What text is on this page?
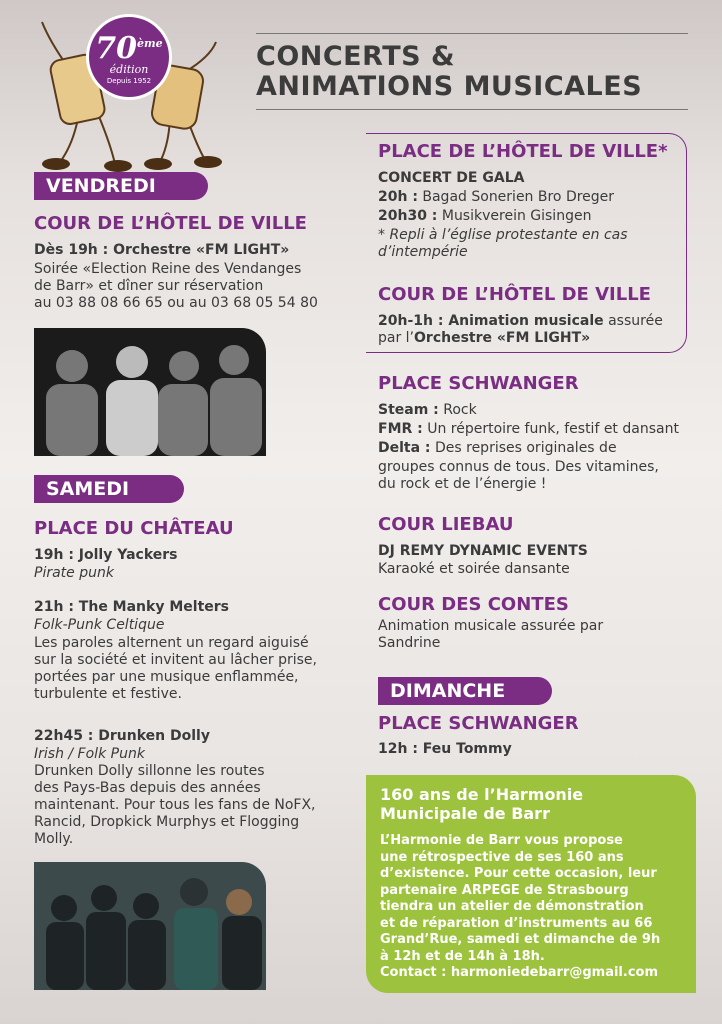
70ème
édition
Depuis 1952
CONCERTS &
ANIMATIONS MUSICALES
VENDREDI
COUR DE L’HÔTEL DE VILLE
Dès 19h : Orchestre «FM LIGHT»
Soirée «Election Reine des Vendanges
de Barr» et dîner sur réservation
au 03 88 08 66 65 ou au 03 68 05 54 80
SAMEDI
PLACE DU CHÂTEAU
19h : Jolly Yackers
Pirate punk
21h : The Manky Melters
Folk-Punk Celtique
Les paroles alternent un regard aiguisé
sur la société et invitent au lâcher prise,
portées par une musique enflammée,
turbulente et festive.
22h45 : Drunken Dolly
Irish / Folk Punk
Drunken Dolly sillonne les routes
des Pays-Bas depuis des années
maintenant. Pour tous les fans de NoFX,
Rancid, Dropkick Murphys et Flogging
Molly.
PLACE DE L’HÔTEL DE VILLE*
CONCERT DE GALA
20h : Bagad Sonerien Bro Dreger
20h30 : Musikverein Gisingen
* Repli à l’église protestante en cas
d’intempérie
COUR DE L’HÔTEL DE VILLE
20h-1h : Animation musicale assurée
par l’Orchestre «FM LIGHT»
PLACE SCHWANGER
Steam : Rock
FMR : Un répertoire funk, festif et dansant
Delta : Des reprises originales de
groupes connus de tous. Des vitamines,
du rock et de l’énergie !
COUR LIEBAU
DJ REMY DYNAMIC EVENTS
Karaoké et soirée dansante
COUR DES CONTES
Animation musicale assurée par
Sandrine
DIMANCHE
PLACE SCHWANGER
12h : Feu Tommy
160 ans de l’Harmonie
Municipale de Barr
L’Harmonie de Barr vous propose
une rétrospective de ses 160 ans
d’existence. Pour cette occasion, leur
partenaire ARPEGE de Strasbourg
tiendra un atelier de démonstration
et de réparation d’instruments au 66
Grand’Rue, samedi et dimanche de 9h
à 12h et de 14h à 18h.
Contact : harmoniedebarr@gmail.com
